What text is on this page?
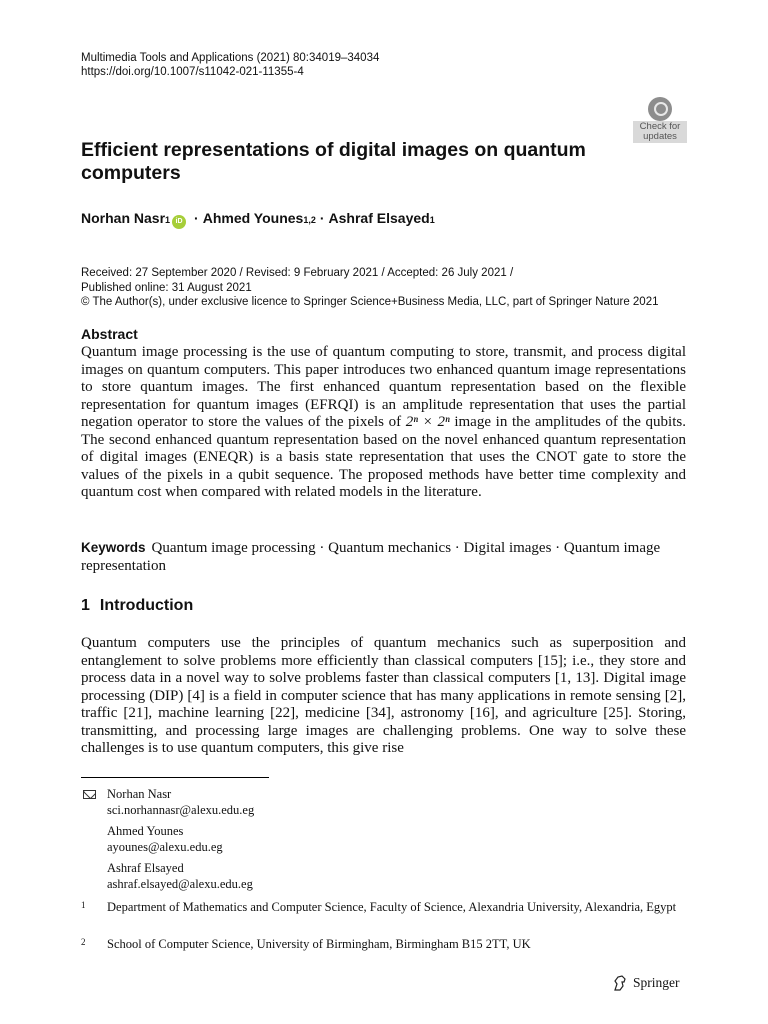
Multimedia Tools and Applications (2021) 80:34019–34034
https://doi.org/10.1007/s11042-021-11355-4
Check for
updates
Efficient representations of digital images on quantum computers
Norhan Nasr 1 iD · Ahmed Younes 1,2 · Ashraf Elsayed 1
Received: 27 September 2020 / Revised: 9 February 2021 / Accepted: 26 July 2021 /
Published online: 31 August 2021
© The Author(s), under exclusive licence to Springer Science+Business Media, LLC, part of Springer Nature 2021
Abstract
Quantum image processing is the use of quantum computing to store, transmit, and process digital images on quantum computers. This paper introduces two enhanced quantum image representations to store quantum images. The first enhanced quantum representation based on the flexible representation for quantum images (EFRQI) is an amplitude representation that uses the partial negation operator to store the values of the pixels of 2ⁿ × 2ⁿ image in the amplitudes of the qubits. The second enhanced quantum representation based on the novel enhanced quantum representation of digital images (ENEQR) is a basis state representation that uses the CNOT gate to store the values of the pixels in a qubit sequence. The proposed methods have better time complexity and quantum cost when compared with related models in the literature.
Keywords Quantum image processing · Quantum mechanics · Digital images · Quantum image representation
1 Introduction
Quantum computers use the principles of quantum mechanics such as superposition and entanglement to solve problems more efficiently than classical computers [15]; i.e., they store and process data in a novel way to solve problems faster than classical computers [1, 13]. Digital image processing (DIP) [4] is a field in computer science that has many applications in remote sensing [2], traffic [21], machine learning [22], medicine [34], astronomy [16], and agriculture [25]. Storing, transmitting, and processing large images are challenging problems. One way to solve these challenges is to use quantum computers, this give rise
Norhan Nasr
sci.norhannasr@alexu.edu.eg
Ahmed Younes
ayounes@alexu.edu.eg
Ashraf Elsayed
ashraf.elsayed@alexu.edu.eg
1 Department of Mathematics and Computer Science, Faculty of Science, Alexandria University, Alexandria, Egypt
2 School of Computer Science, University of Birmingham, Birmingham B15 2TT, UK
Springer
